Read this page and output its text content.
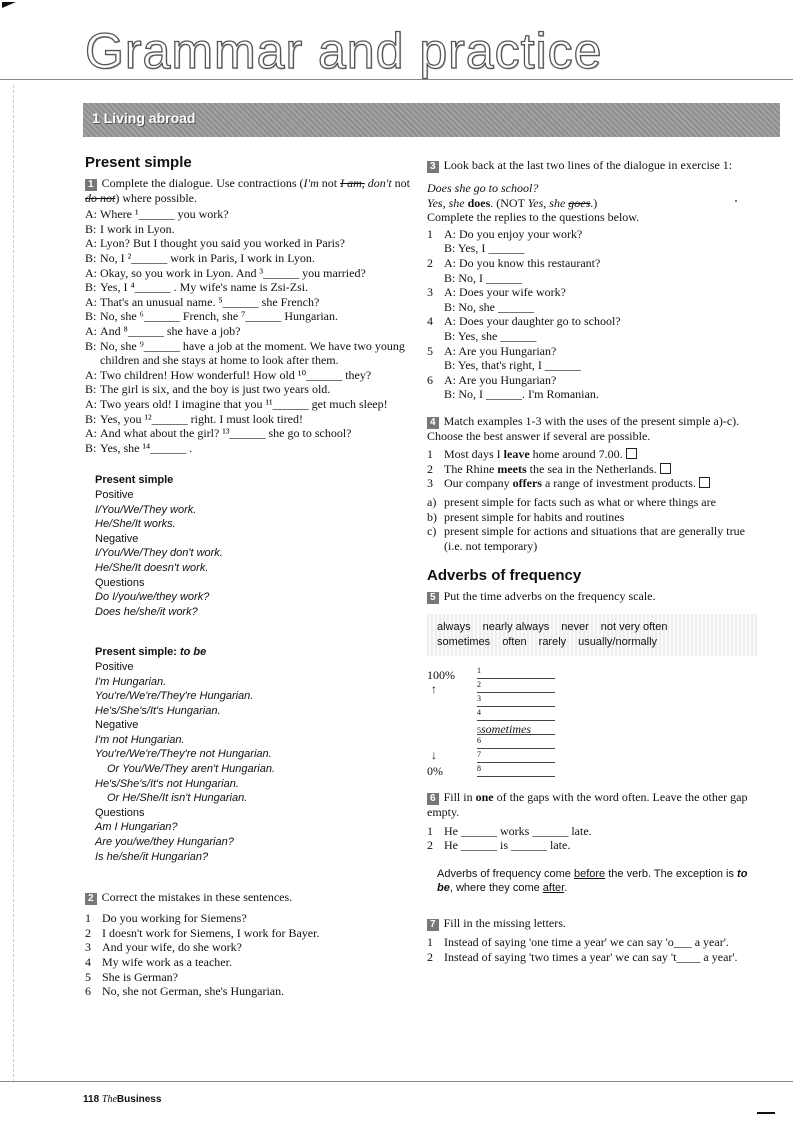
Grammar and practice
1 Living abroad
Present simple
1 Complete the dialogue. Use contractions (I'm not I am, don't not do not) where possible.
A: Where ¹______ you work?
B: I work in Lyon.
A: Lyon? But I thought you said you worked in Paris?
B: No, I ²______ work in Paris, I work in Lyon.
A: Okay, so you work in Lyon. And ³______ you married?
B: Yes, I ⁴______ . My wife's name is Zsi-Zsi.
A: That's an unusual name. ⁵______ she French?
B: No, she ⁶______ French, she ⁷______ Hungarian.
A: And ⁸______ she have a job?
B: No, she ⁹______ have a job at the moment. We have two young children and she stays at home to look after them.
A: Two children! How wonderful! How old ¹⁰______ they?
B: The girl is six, and the boy is just two years old.
A: Two years old! I imagine that you ¹¹______ get much sleep!
B: Yes, you ¹²______ right. I must look tired!
A: And what about the girl? ¹³______ she go to school?
B: Yes, she ¹⁴______ .
Present simple
Positive
I/You/We/They work.
He/She/It works.
Negative
I/You/We/They don't work.
He/She/It doesn't work.
Questions
Do I/you/we/they work?
Does he/she/it work?
Present simple: to be
Positive
I'm Hungarian.
You're/We're/They're Hungarian.
He's/She's/It's Hungarian.
Negative
I'm not Hungarian.
You're/We're/They're not Hungarian.
Or You/We/They aren't Hungarian.
He's/She's/It's not Hungarian.
Or He/She/It isn't Hungarian.
Questions
Am I Hungarian?
Are you/we/they Hungarian?
Is he/she/it Hungarian?
2 Correct the mistakes in these sentences.
1 Do you working for Siemens?
2 I doesn't work for Siemens, I work for Bayer.
3 And your wife, do she work?
4 My wife work as a teacher.
5 She is German?
6 No, she not German, she's Hungarian.
3 Look back at the last two lines of the dialogue in exercise 1:
Does she go to school?
Yes, she does. (NOT Yes, she goes.)
Complete the replies to the questions below.
1 A: Do you enjoy your work?
B: Yes, I ______
2 A: Do you know this restaurant?
B: No, I ______
3 A: Does your wife work?
B: No, she ______
4 A: Does your daughter go to school?
B: Yes, she ______
5 A: Are you Hungarian?
B: Yes, that's right, I ______
6 A: Are you Hungarian?
B: No, I ______. I'm Romanian.
4 Match examples 1-3 with the uses of the present simple a)-c). Choose the best answer if several are possible.
1 Most days I leave home around 7.00.
2 The Rhine meets the sea in the Netherlands.
3 Our company offers a range of investment products.
a) present simple for facts such as what or where things are
b) present simple for habits and routines
c) present simple for actions and situations that are generally true (i.e. not temporary)
Adverbs of frequency
5 Put the time adverbs on the frequency scale.
always nearly always never not very often
sometimes often rarely usually/normally
100%
↑
↓
0%
1
2
3
4
5sometimes
6
7
8
6 Fill in one of the gaps with the word often. Leave the other gap empty.
1 He ______ works ______ late.
2 He ______ is ______ late.
Adverbs of frequency come before the verb. The exception is to be, where they come after.
7 Fill in the missing letters.
1 Instead of saying 'one time a year' we can say 'o___ a year'.
2 Instead of saying 'two times a year' we can say 't____ a year'.
118 TheBusiness
